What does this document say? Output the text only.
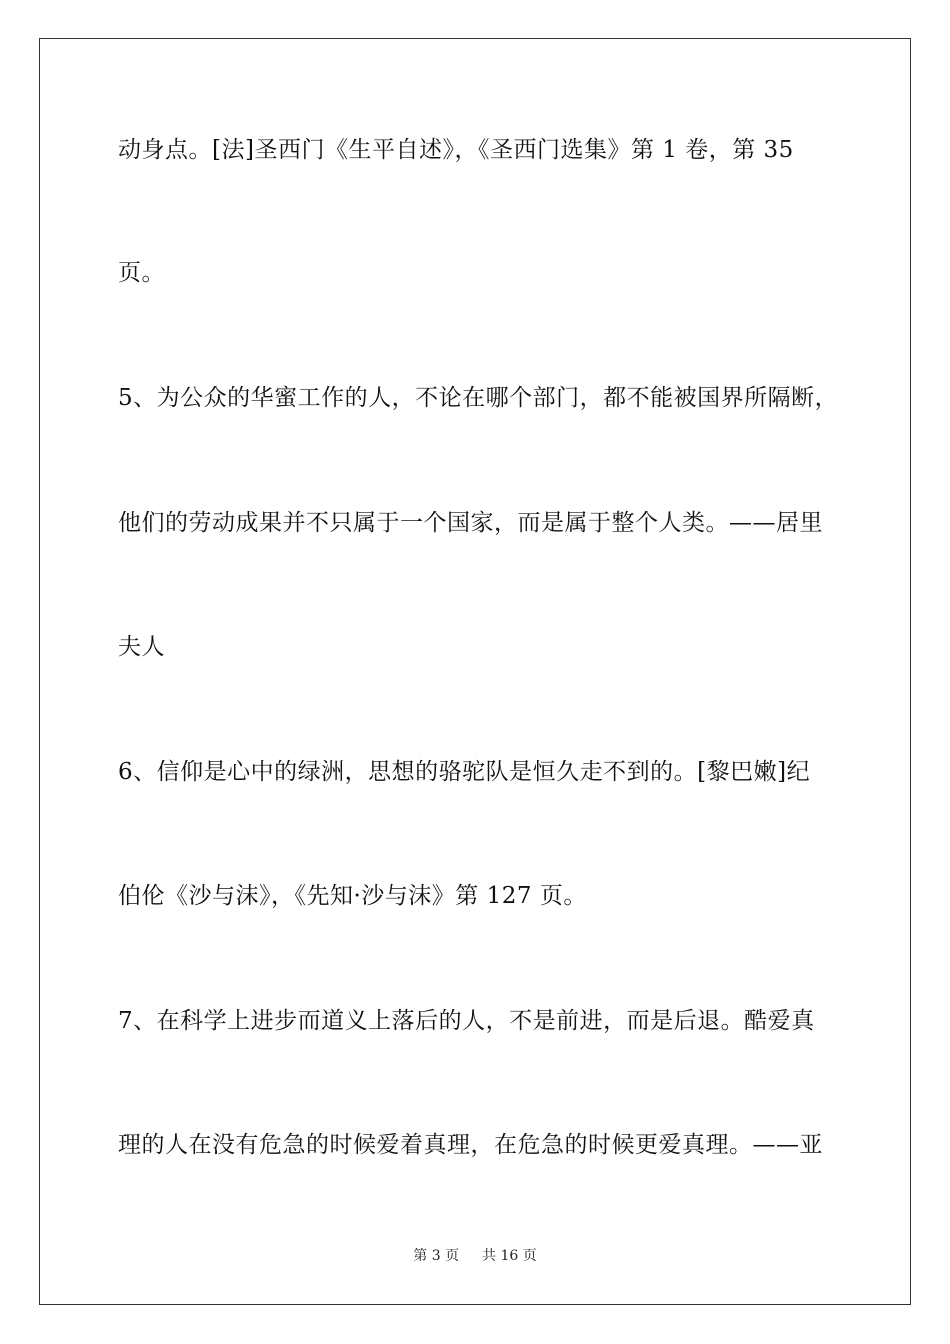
动身点。[法]圣西门《生平自述》，《圣西门选集》第 1 卷，第 35
页。
5、为公众的华蜜工作的人，不论在哪个部门，都不能被国界所隔断，
他们的劳动成果并不只属于一个国家，而是属于整个人类。——居里
夫人
6、信仰是心中的绿洲，思想的骆驼队是恒久走不到的。[黎巴嫩]纪
伯伦《沙与沫》，《先知·沙与沫》第 127 页。
7、在科学上进步而道义上落后的人，不是前进，而是后退。酷爱真
理的人在没有危急的时候爱着真理，在危急的时候更爱真理。——亚
第 3 页 共 16 页
